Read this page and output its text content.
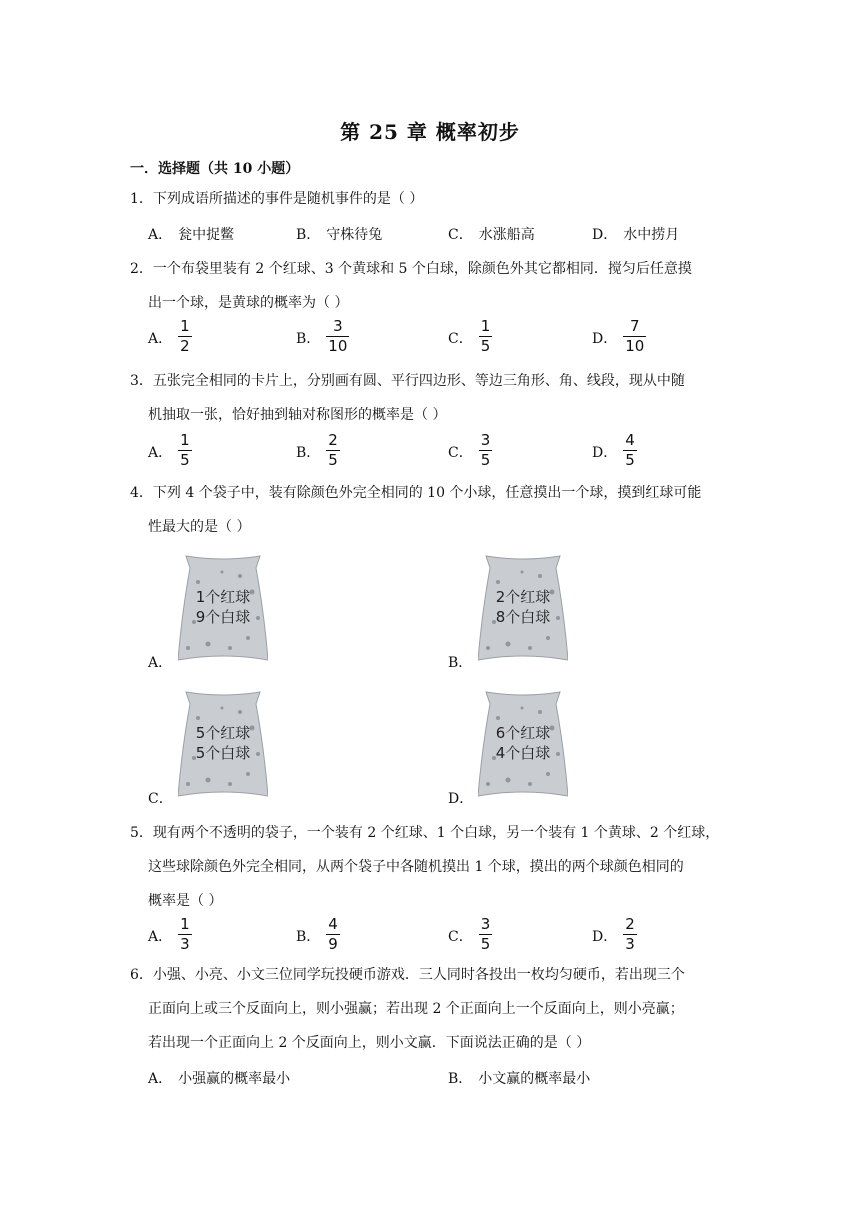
第 25 章 概率初步
一．选择题（共 10 小题）
1．下列成语所描述的事件是随机事件的是（ ）
A． 瓮中捉鳖	B． 守株待兔	C． 水涨船高	D． 水中捞月
2．一个布袋里装有 2 个红球、3 个黄球和 5 个白球，除颜色外其它都相同．搅匀后任意摸
出一个球，是黄球的概率为（ ）
A． $\frac{1}{2}$	B． $\frac{3}{10}$	C． $\frac{1}{5}$	D． $\frac{7}{10}$
3．五张完全相同的卡片上，分别画有圆、平行四边形、等边三角形、角、线段，现从中随
机抽取一张，恰好抽到轴对称图形的概率是（ ）
A． $\frac{1}{5}$	B． $\frac{2}{5}$	C． $\frac{3}{5}$	D． $\frac{4}{5}$
4．下列 4 个袋子中，装有除颜色外完全相同的 10 个小球，任意摸出一个球，摸到红球可能
性最大的是（ ）
1个红球
9个白球
A．
2个红球
8个白球
B．
5个红球
5个白球
C．
6个红球
4个白球
D．
5．现有两个不透明的袋子，一个装有 2 个红球、1 个白球，另一个装有 1 个黄球、2 个红球，
这些球除颜色外完全相同，从两个袋子中各随机摸出 1 个球，摸出的两个球颜色相同的
概率是（ ）
A． $\frac{1}{3}$	B． $\frac{4}{9}$	C． $\frac{3}{5}$	D． $\frac{2}{3}$
6．小强、小亮、小文三位同学玩投硬币游戏．三人同时各投出一枚均匀硬币，若出现三个
正面向上或三个反面向上，则小强赢；若出现 2 个正面向上一个反面向上，则小亮赢；
若出现一个正面向上 2 个反面向上，则小文赢．下面说法正确的是（ ）
A． 小强赢的概率最小	B． 小文赢的概率最小
